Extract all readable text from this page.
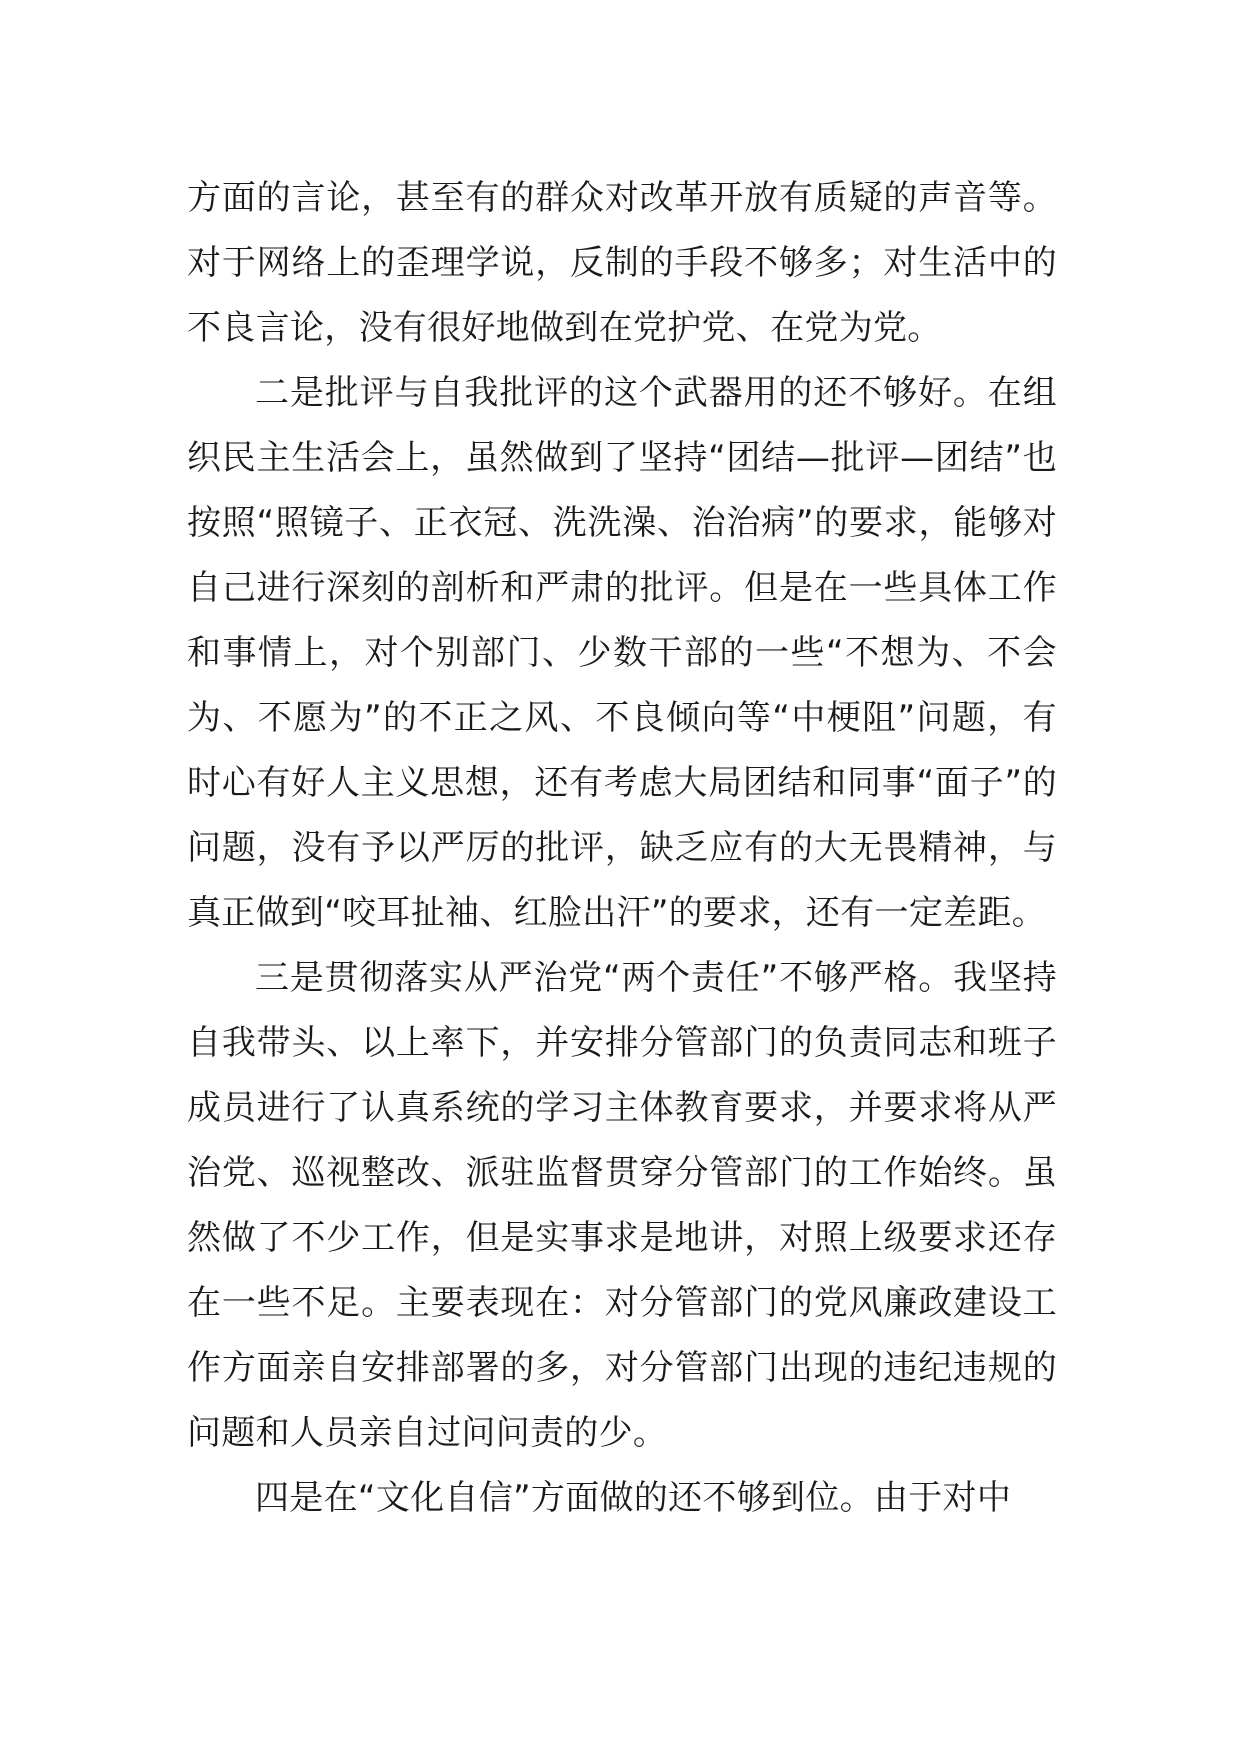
方面的言论，甚至有的群众对改革开放有质疑的声音等。对于网络上的歪理学说，反制的手段不够多；对生活中的不良言论，没有很好地做到在党护党、在党为党。

二是批评与自我批评的这个武器用的还不够好。在组织民主生活会上，虽然做到了坚持“团结—批评—团结”也按照“照镜子、正衣冠、洗洗澡、治治病”的要求，能够对自己进行深刻的剖析和严肃的批评。但是在一些具体工作和事情上，对个别部门、少数干部的一些“不想为、不会为、不愿为”的不正之风、不良倾向等“中梗阻”问题，有时心有好人主义思想，还有考虑大局团结和同事“面子”的问题，没有予以严厉的批评，缺乏应有的大无畏精神，与真正做到“咬耳扯袖、红脸出汗”的要求，还有一定差距。

三是贯彻落实从严治党“两个责任”不够严格。我坚持自我带头、以上率下，并安排分管部门的负责同志和班子成员进行了认真系统的学习主体教育要求，并要求将从严治党、巡视整改、派驻监督贯穿分管部门的工作始终。虽然做了不少工作，但是实事求是地讲，对照上级要求还存在一些不足。主要表现在：对分管部门的党风廉政建设工作方面亲自安排部署的多，对分管部门出现的违纪违规的问题和人员亲自过问问责的少。

四是在“文化自信”方面做的还不够到位。由于对中
